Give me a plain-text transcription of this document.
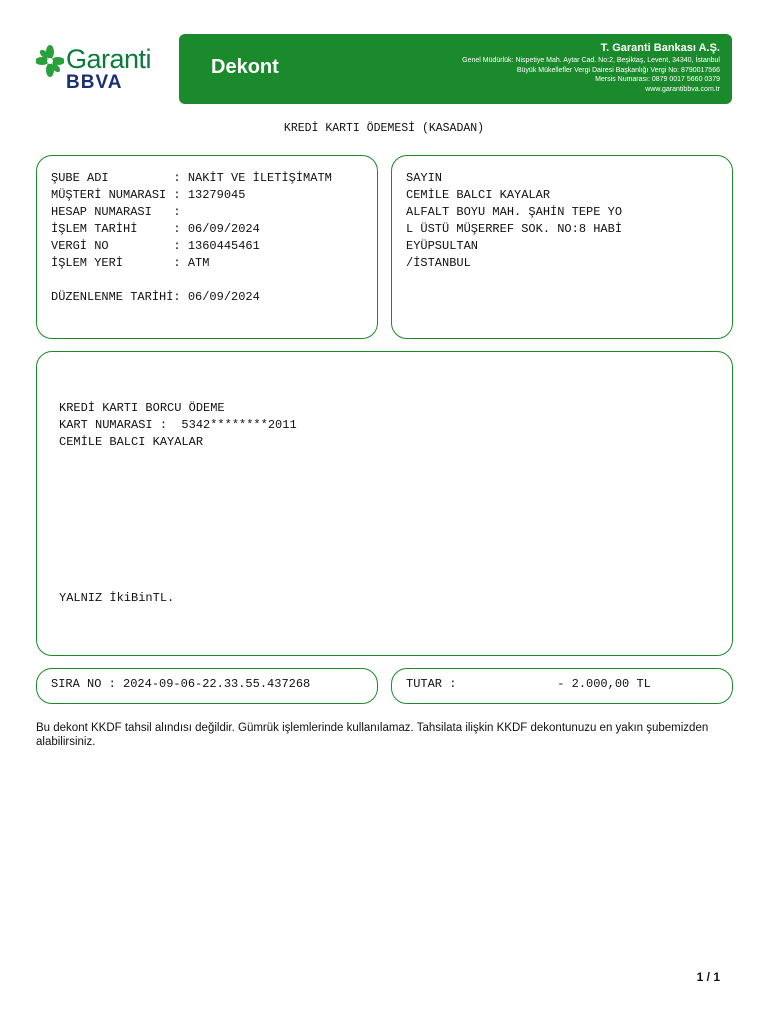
Garanti
BBVA
Dekont
T. Garanti Bankası A.Ş.
Genel Müdürlük: Nispetiye Mah. Aytar Cad. No:2, Beşiktaş, Levent, 34340, İstanbul
Büyük Mükellefler Vergi Dairesi Başkanlığı Vergi No: 8790017566
Mersis Numarası: 0879 0017 5660 0379
www.garantibbva.com.tr
KREDİ KARTI ÖDEMESİ (KASADAN)
ŞUBE ADI         : NAKİT VE İLETİŞİMATM
MÜŞTERİ NUMARASI : 13279045
HESAP NUMARASI   :
İŞLEM TARİHİ     : 06/09/2024
VERGİ NO         : 1360445461
İŞLEM YERİ       : ATM
DÜZENLENME TARİHİ: 06/09/2024
SAYIN
CEMİLE BALCI KAYALAR
ALFALT BOYU MAH. ŞAHİN TEPE YO
L ÜSTÜ MÜŞERREF SOK. NO:8 HABİ
EYÜPSULTAN
/İSTANBUL
KREDİ KARTI BORCU ÖDEME
KART NUMARASI :  5342********2011
CEMİLE BALCI KAYALAR
YALNIZ İkiBinTL.
SIRA NO : 2024-09-06-22.33.55.437268	TUTAR :              - 2.000,00 TL
Bu dekont KKDF tahsil alındısı değildir. Gümrük işlemlerinde kullanılamaz. Tahsilata ilişkin KKDF dekontunuzu en yakın şubemizden alabilirsiniz.
1 / 1
